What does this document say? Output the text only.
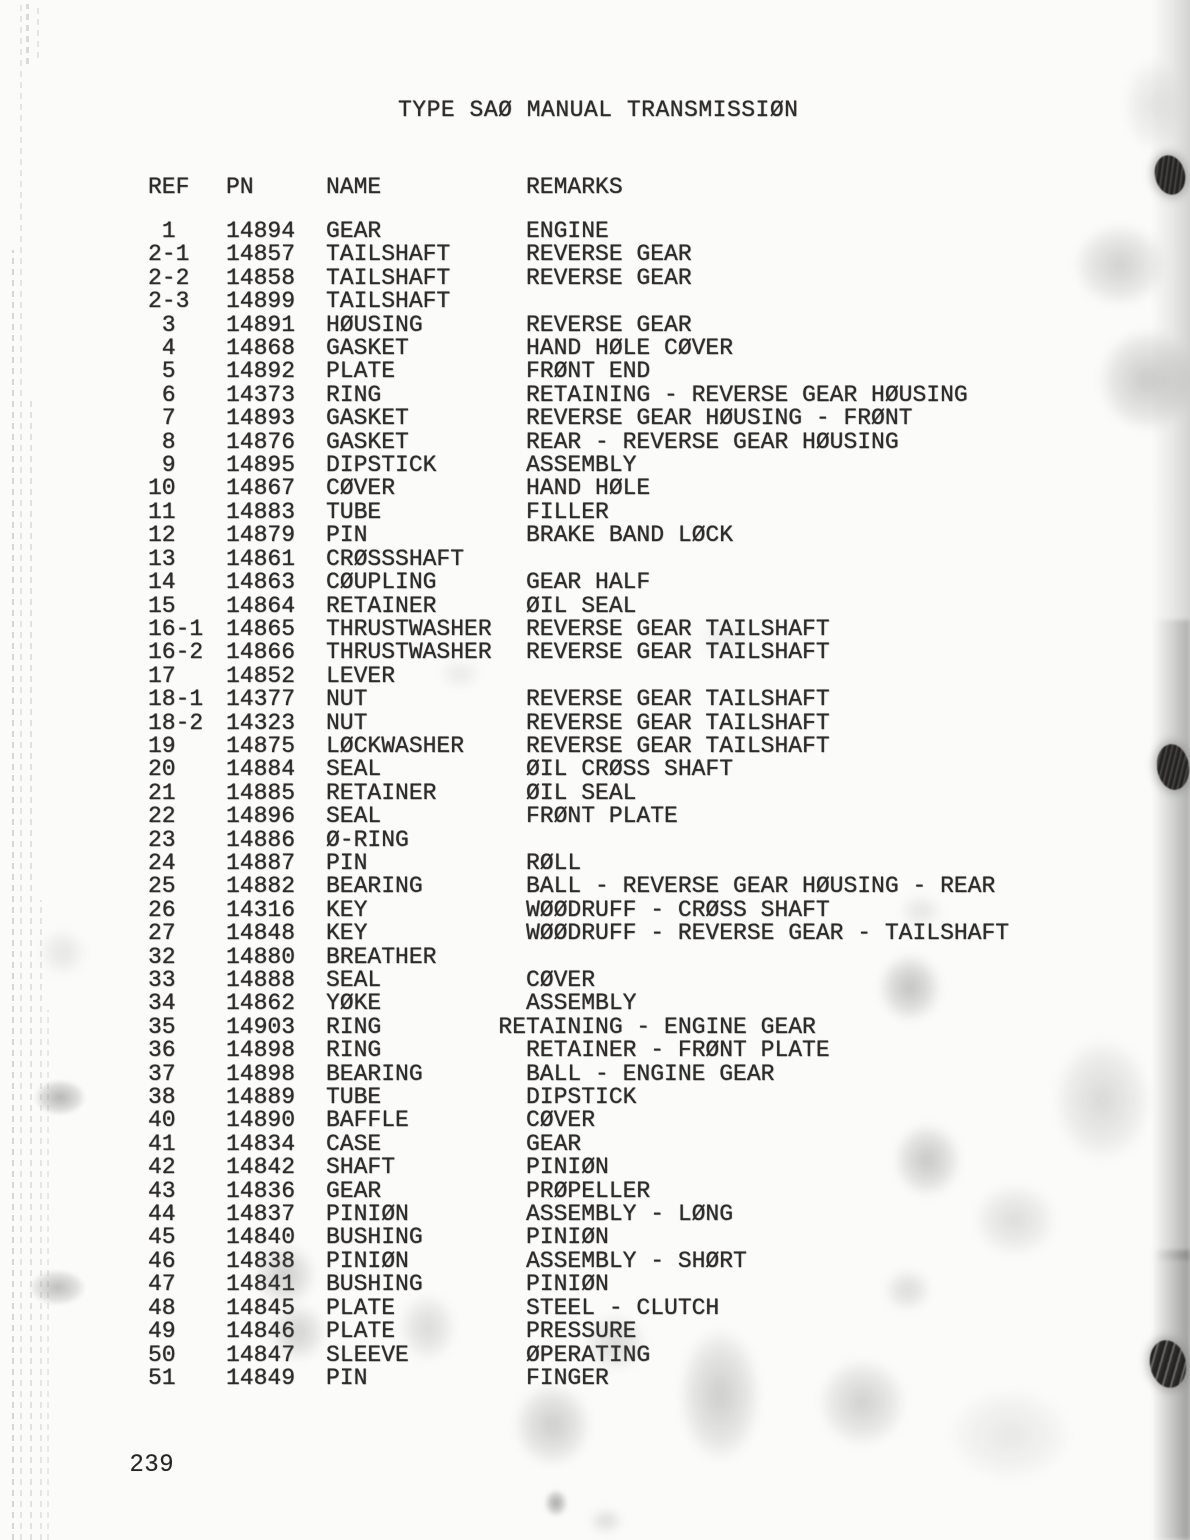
TYPE SAØ MANUAL TRANSMISSIØN
REF	PN	NAME	REMARKS
1	14894	GEAR	ENGINE
2-1	14857	TAILSHAFT	REVERSE GEAR
2-2	14858	TAILSHAFT	REVERSE GEAR
2-3	14899	TAILSHAFT
3	14891	HØUSING	REVERSE GEAR
4	14868	GASKET	HAND HØLE CØVER
5	14892	PLATE	FRØNT END
6	14373	RING	RETAINING - REVERSE GEAR HØUSING
7	14893	GASKET	REVERSE GEAR HØUSING - FRØNT
8	14876	GASKET	REAR - REVERSE GEAR HØUSING
9	14895	DIPSTICK	ASSEMBLY
10	14867	CØVER	HAND HØLE
11	14883	TUBE	FILLER
12	14879	PIN	BRAKE BAND LØCK
13	14861	CRØSSSHAFT
14	14863	CØUPLING	GEAR HALF
15	14864	RETAINER	ØIL SEAL
16-1 14865	THRUSTWASHER	REVERSE GEAR TAILSHAFT
16-2 14866	THRUSTWASHER	REVERSE GEAR TAILSHAFT
17	14852	LEVER
18-1 14377	NUT	REVERSE GEAR TAILSHAFT
18-2 14323	NUT	REVERSE GEAR TAILSHAFT
19	14875	LØCKWASHER	REVERSE GEAR TAILSHAFT
20	14884	SEAL	ØIL CRØSS SHAFT
21	14885	RETAINER	ØIL SEAL
22	14896	SEAL	FRØNT PLATE
23	14886	Ø-RING
24	14887	PIN	RØLL
25	14882	BEARING	BALL - REVERSE GEAR HØUSING - REAR
26	14316	KEY	WØØDRUFF - CRØSS SHAFT
27	14848	KEY	WØØDRUFF - REVERSE GEAR - TAILSHAFT
32	14880	BREATHER
33	14888	SEAL	CØVER
34	14862	YØKE	ASSEMBLY
35	14903	RING	RETAINING - ENGINE GEAR
36	14898	RING	RETAINER - FRØNT PLATE
37	14898	BEARING	BALL - ENGINE GEAR
38	14889	TUBE	DIPSTICK
40	14890	BAFFLE	CØVER
41	14834	CASE	GEAR
42	14842	SHAFT	PINIØN
43	14836	GEAR	PRØPELLER
44	14837	PINIØN	ASSEMBLY - LØNG
45	14840	BUSHING	PINIØN
46	14838	PINIØN	ASSEMBLY - SHØRT
47	14841	BUSHING	PINIØN
48	14845	PLATE	STEEL - CLUTCH
49	14846	PLATE	PRESSURE
50	14847	SLEEVE	ØPERATING
51	14849	PIN	FINGER
239
